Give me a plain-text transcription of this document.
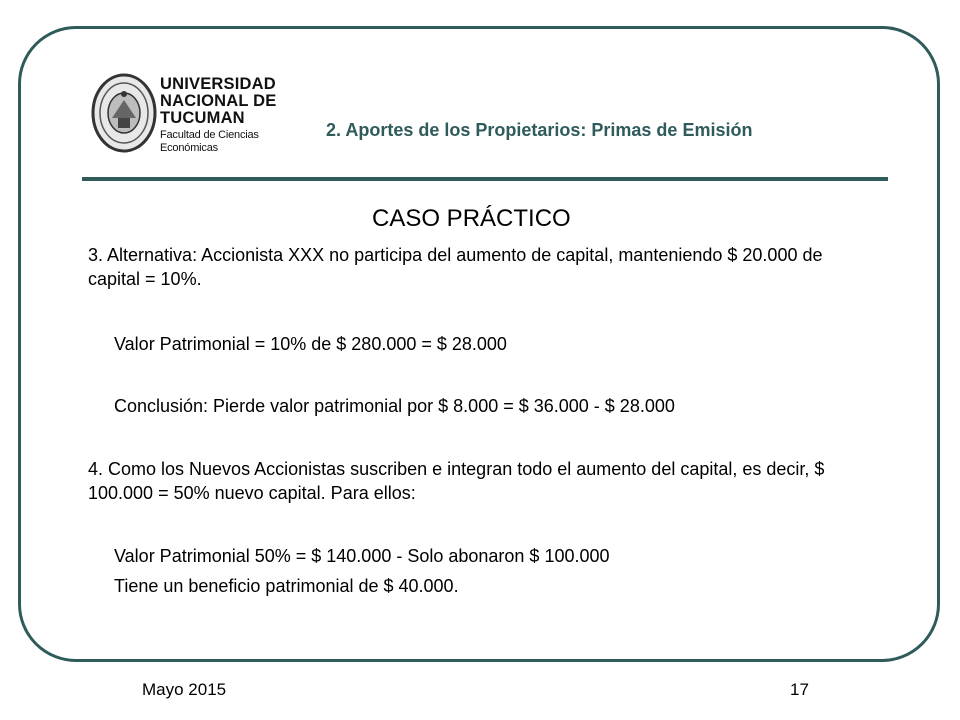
UNIVERSIDAD
NACIONAL DE
TUCUMAN
Facultad de Ciencias Económicas
2. Aportes de los Propietarios: Primas de Emisión
CASO PRÁCTICO
3. Alternativa: Accionista XXX no participa del aumento de capital, manteniendo $ 20.000 de capital = 10%.
Valor Patrimonial = 10% de $ 280.000 = $ 28.000
Conclusión: Pierde valor patrimonial por $ 8.000 = $ 36.000 - $ 28.000
4. Como los Nuevos Accionistas suscriben e integran todo el aumento del capital, es decir, $ 100.000 = 50% nuevo capital. Para ellos:
Valor Patrimonial 50% = $ 140.000 - Solo abonaron $ 100.000
Tiene un beneficio patrimonial de $ 40.000.
Mayo 2015	17
